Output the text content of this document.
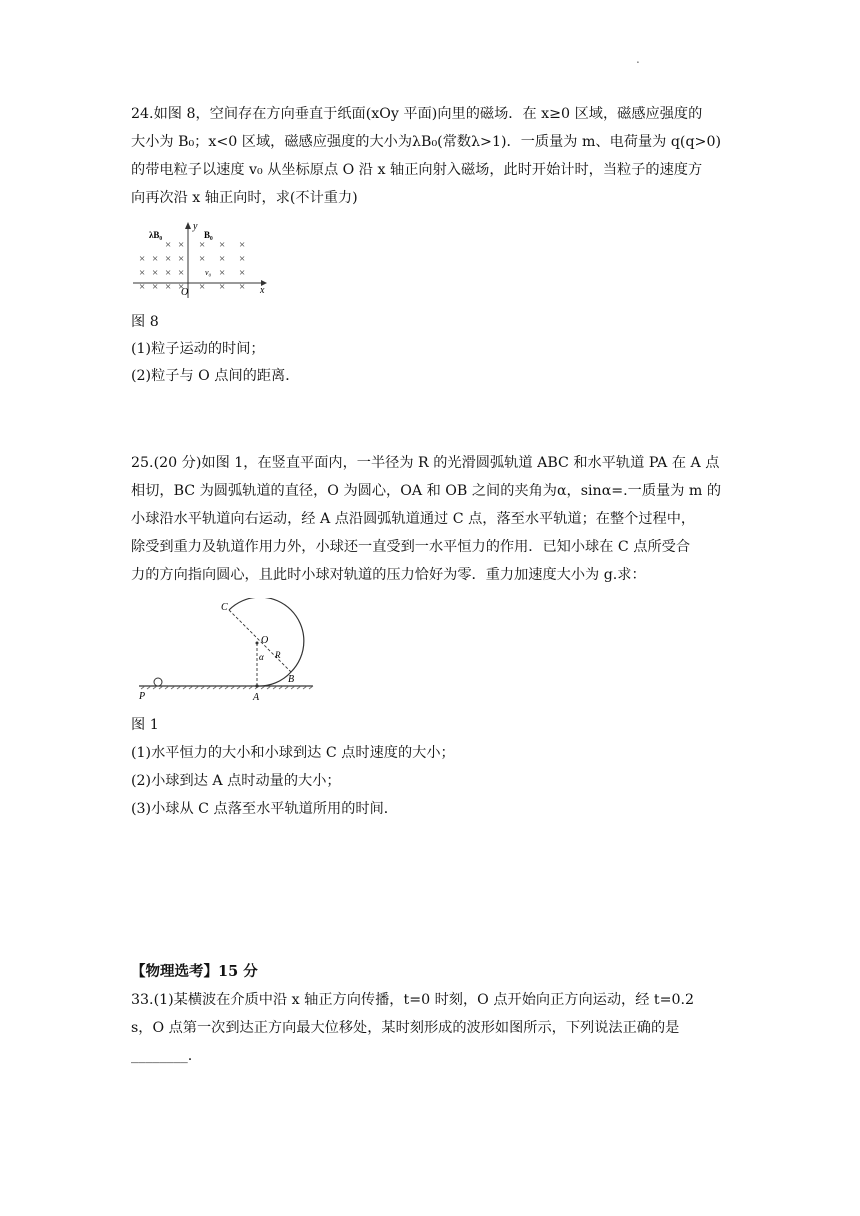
.
24.如图 8，空间存在方向垂直于纸面(xOy 平面)向里的磁场．在 x≥0 区域，磁感应强度的
大小为 B₀；x<0 区域，磁感应强度的大小为λB₀(常数λ>1)．一质量为 m、电荷量为 q(q>0)
的带电粒子以速度 v₀ 从坐标原点 O 沿 x 轴正向射入磁场，此时开始计时，当粒子的速度方
向再次沿 x 轴正向时，求(不计重力)
x
y
O
λB₀	B₀
v₀
× × × × ×
× × × × × × ×
× × × ×	× ×
× × × × × × ×
图 8
(1)粒子运动的时间；
(2)粒子与 O 点间的距离．
25.(20 分)如图 1，在竖直平面内，一半径为 R 的光滑圆弧轨道 ABC 和水平轨道 PA 在 A 点
相切，BC 为圆弧轨道的直径，O 为圆心，OA 和 OB 之间的夹角为α，sinα=.一质量为 m 的
小球沿水平轨道向右运动，经 A 点沿圆弧轨道通过 C 点，落至水平轨道；在整个过程中，
除受到重力及轨道作用力外，小球还一直受到一水平恒力的作用．已知小球在 C 点所受合
力的方向指向圆心，且此时小球对轨道的压力恰好为零．重力加速度大小为 g.求：
C
O
R
α
B
A
P
图 1
(1)水平恒力的大小和小球到达 C 点时速度的大小；
(2)小球到达 A 点时动量的大小；
(3)小球从 C 点落至水平轨道所用的时间．
【物理选考】15 分
33.(1)某横波在介质中沿 x 轴正方向传播，t=0 时刻，O 点开始向正方向运动，经 t=0.2
s，O 点第一次到达正方向最大位移处，某时刻形成的波形如图所示，下列说法正确的是
________.
